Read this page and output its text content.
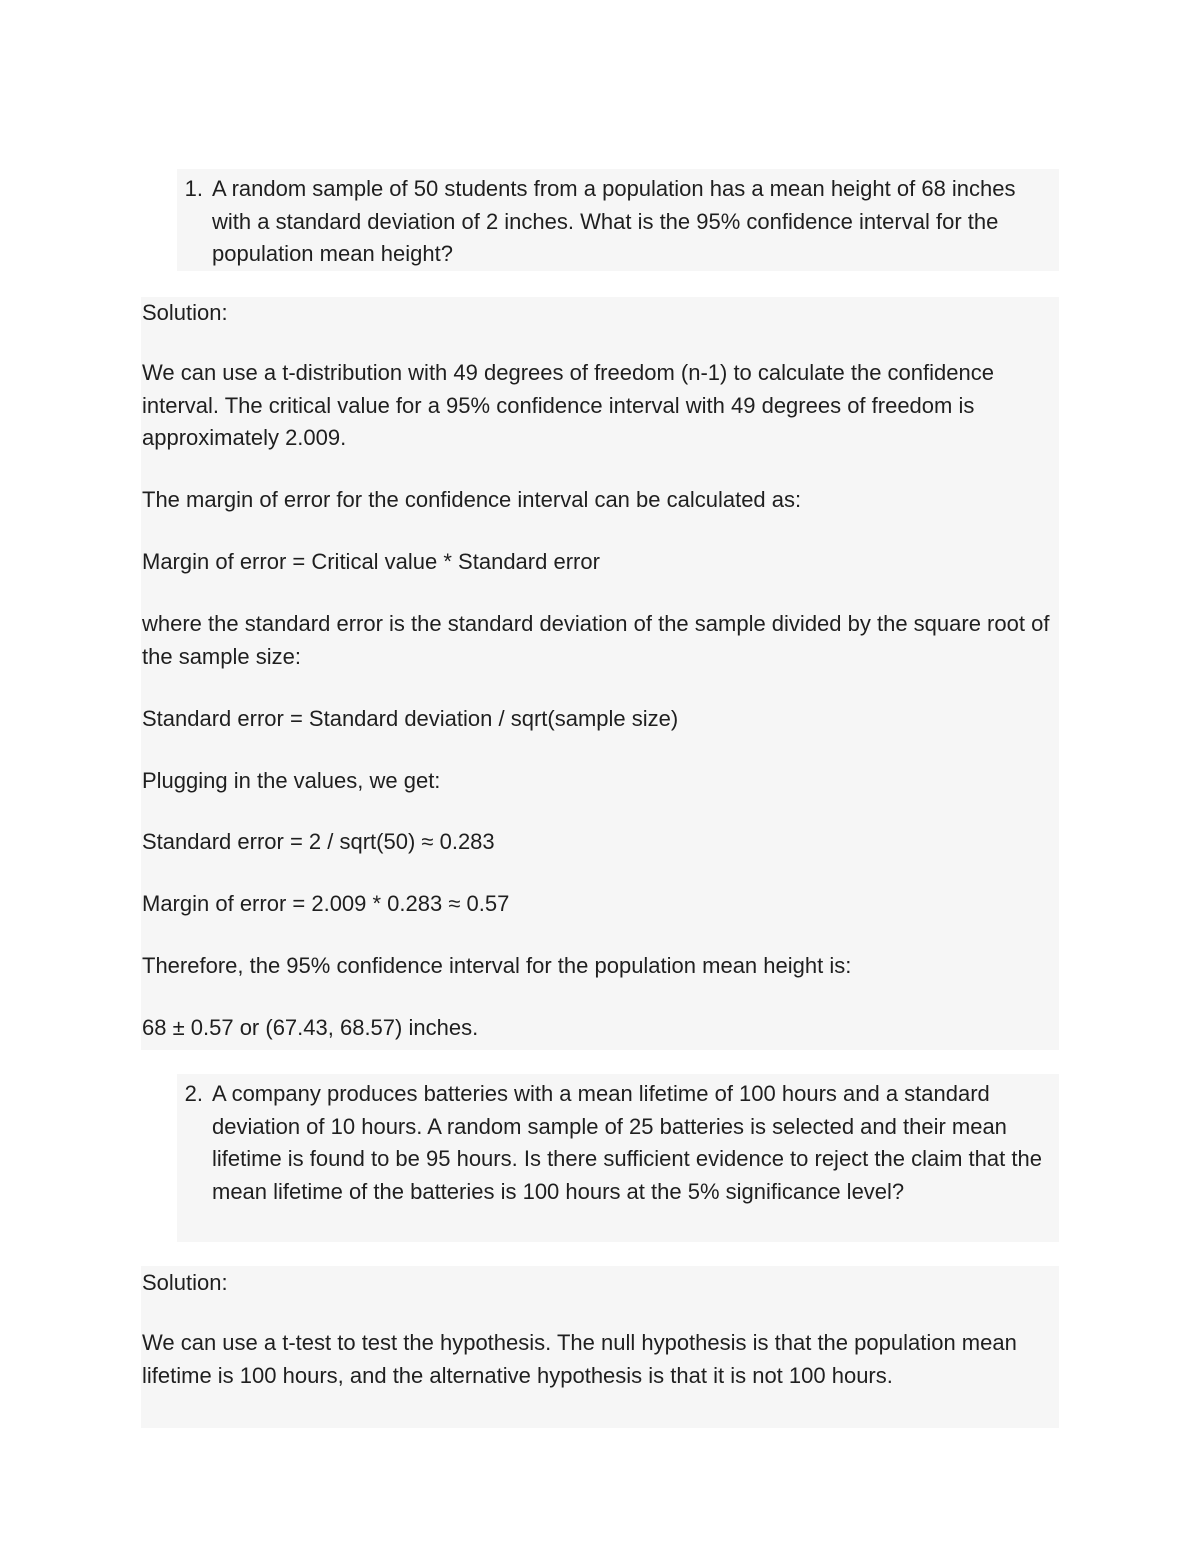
1. A random sample of 50 students from a population has a mean height of 68 inches with a standard deviation of 2 inches. What is the 95% confidence interval for the population mean height?

Solution:

We can use a t-distribution with 49 degrees of freedom (n-1) to calculate the confidence interval. The critical value for a 95% confidence interval with 49 degrees of freedom is approximately 2.009.

The margin of error for the confidence interval can be calculated as:

Margin of error = Critical value * Standard error

where the standard error is the standard deviation of the sample divided by the square root of the sample size:

Standard error = Standard deviation / sqrt(sample size)

Plugging in the values, we get:

Standard error = 2 / sqrt(50) ≈ 0.283

Margin of error = 2.009 * 0.283 ≈ 0.57

Therefore, the 95% confidence interval for the population mean height is:

68 ± 0.57 or (67.43, 68.57) inches.

2. A company produces batteries with a mean lifetime of 100 hours and a standard deviation of 10 hours. A random sample of 25 batteries is selected and their mean lifetime is found to be 95 hours. Is there sufficient evidence to reject the claim that the mean lifetime of the batteries is 100 hours at the 5% significance level?

Solution:

We can use a t-test to test the hypothesis. The null hypothesis is that the population mean lifetime is 100 hours, and the alternative hypothesis is that it is not 100 hours.
